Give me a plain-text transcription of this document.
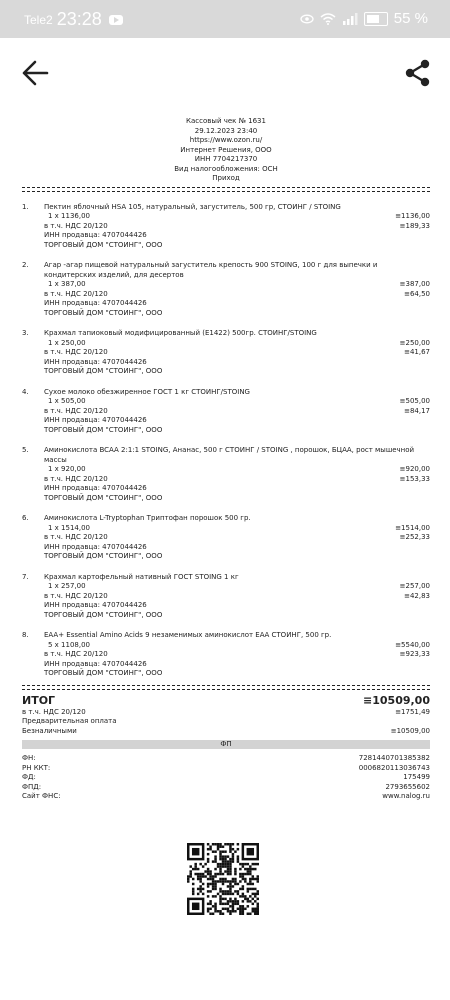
Tele2 23:28	55 %
Кассовый чек № 1631
29.12.2023 23:40
https://www.ozon.ru/
Интернет Решения, ООО
ИНН 7704217370
Вид налогообложения: ОСН
Приход
1.	Пектин яблочный HSA 105, натуральный, загуститель, 500 гр, СТОИНГ / STOING
1 x 1136,00	≡1136,00
в т.ч. НДС 20/120	≡189,33
ИНН продавца: 4707044426
ТОРГОВЫЙ ДОМ "СТОИНГ", ООО
2.	Агар -агар пищевой натуральный загуститель крепость 900 STOING, 100 г для выпечки и кондитерских изделий, для десертов
1 x 387,00	≡387,00
в т.ч. НДС 20/120	≡64,50
ИНН продавца: 4707044426
ТОРГОВЫЙ ДОМ "СТОИНГ", ООО
3.	Крахмал тапиоковый модифицированный (E1422) 500гр. СТОИНГ/STOING
1 x 250,00	≡250,00
в т.ч. НДС 20/120	≡41,67
ИНН продавца: 4707044426
ТОРГОВЫЙ ДОМ "СТОИНГ", ООО
4.	Сухое молоко обезжиренное ГОСТ 1 кг СТОИНГ/STOING
1 x 505,00	≡505,00
в т.ч. НДС 20/120	≡84,17
ИНН продавца: 4707044426
ТОРГОВЫЙ ДОМ "СТОИНГ", ООО
5.	Аминокислота BCAA 2:1:1 STOING, Ананас, 500 г СТОИНГ / STOING , порошок, БЦАА, рост мышечной массы
1 x 920,00	≡920,00
в т.ч. НДС 20/120	≡153,33
ИНН продавца: 4707044426
ТОРГОВЫЙ ДОМ "СТОИНГ", ООО
6.	Аминокислота L-Tryptophan Триптофан порошок 500 гр.
1 x 1514,00	≡1514,00
в т.ч. НДС 20/120	≡252,33
ИНН продавца: 4707044426
ТОРГОВЫЙ ДОМ "СТОИНГ", ООО
7.	Крахмал картофельный нативный ГОСТ STOING 1 кг
1 x 257,00	≡257,00
в т.ч. НДС 20/120	≡42,83
ИНН продавца: 4707044426
ТОРГОВЫЙ ДОМ "СТОИНГ", ООО
8.	EAA+ Essential Amino Acids 9 незаменимых аминокислот ЕАА СТОИНГ, 500 гр.
5 x 1108,00	≡5540,00
в т.ч. НДС 20/120	≡923,33
ИНН продавца: 4707044426
ТОРГОВЫЙ ДОМ "СТОИНГ", ООО
ИТОГ	≡10509,00
в т.ч. НДС 20/120	≡1751,49
Предварительная оплата
Безналичными	≡10509,00
ФП
ФН:	7281440701385382
РН ККТ:	0006820113036743
ФД:	175499
ФПД:	2793655602
Сайт ФНС:	www.nalog.ru
